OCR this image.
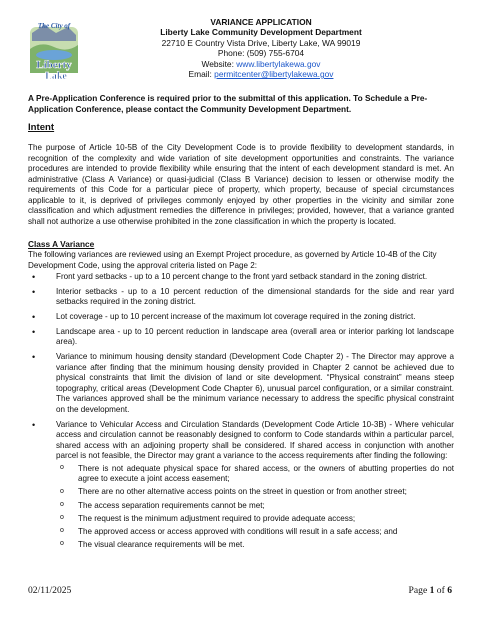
The City of
Liberty
Lake
VARIANCE APPLICATION
Liberty Lake Community Development Department
22710 E Country Vista Drive, Liberty Lake, WA 99019
Phone: (509) 755-6704
Website: www.libertylakewa.gov
Email: permitcenter@libertylakewa.gov
A Pre-Application Conference is required prior to the submittal of this application. To Schedule a Pre-Application Conference, please contact the Community Development Department.
Intent
The purpose of Article 10-5B of the City Development Code is to provide flexibility to development standards, in recognition of the complexity and wide variation of site development opportunities and constraints. The variance procedures are intended to provide flexibility while ensuring that the intent of each development standard is met. An administrative (Class A Variance) or quasi-judicial (Class B Variance) decision to lessen or otherwise modify the requirements of this Code for a particular piece of property, which property, because of special circumstances applicable to it, is deprived of privileges commonly enjoyed by other properties in the vicinity and similar zone classification and which adjustment remedies the difference in privileges; provided, however, that a variance granted shall not authorize a use otherwise prohibited in the zone classification in which the property is located.
Class A Variance
The following variances are reviewed using an Exempt Project procedure, as governed by Article 10-4B of the City Development Code, using the approval criteria listed on Page 2:
•	Front yard setbacks - up to a 10 percent change to the front yard setback standard in the zoning district.
•	Interior setbacks - up to a 10 percent reduction of the dimensional standards for the side and rear yard setbacks required in the zoning district.
•	Lot coverage - up to 10 percent increase of the maximum lot coverage required in the zoning district.
•	Landscape area - up to 10 percent reduction in landscape area (overall area or interior parking lot landscape area).
•	Variance to minimum housing density standard (Development Code Chapter 2) - The Director may approve a variance after finding that the minimum housing density provided in Chapter 2 cannot be achieved due to physical constraints that limit the division of land or site development. “Physical constraint” means steep topography, critical areas (Development Code Chapter 6), unusual parcel configuration, or a similar constraint. The variances approved shall be the minimum variance necessary to address the specific physical constraint on the development.
•	Variance to Vehicular Access and Circulation Standards (Development Code Article 10-3B) - Where vehicular access and circulation cannot be reasonably designed to conform to Code standards within a particular parcel, shared access with an adjoining property shall be considered. If shared access in conjunction with another parcel is not feasible, the Director may grant a variance to the access requirements after finding the following:
o There is not adequate physical space for shared access, or the owners of abutting properties do not agree to execute a joint access easement;
o There are no other alternative access points on the street in question or from another street;
o The access separation requirements cannot be met;
o The request is the minimum adjustment required to provide adequate access;
o The approved access or access approved with conditions will result in a safe access; and
o The visual clearance requirements will be met.
02/11/2025	Page 1 of 6
